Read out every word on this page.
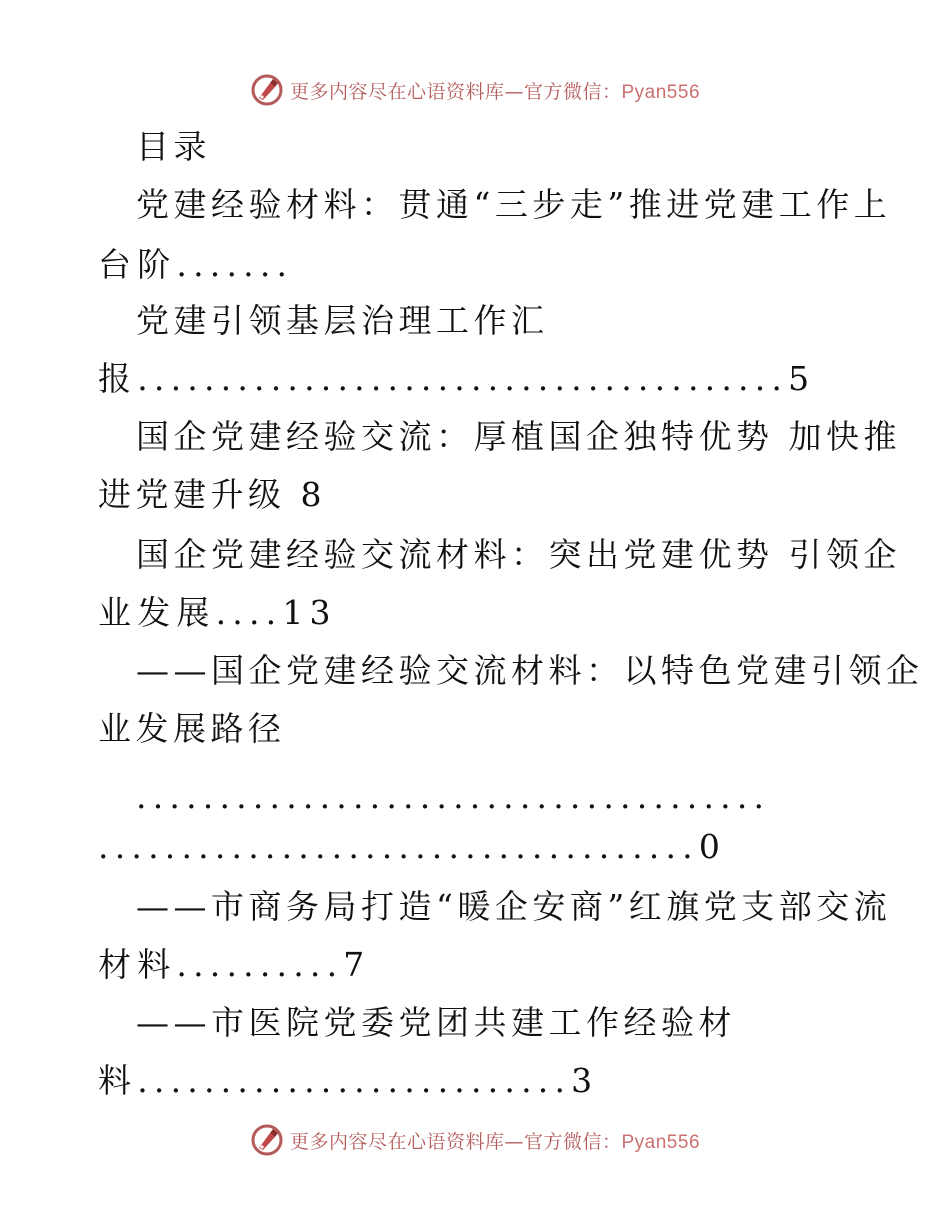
更多内容尽在心语资料库—官方微信：Pyan556
目录
党建经验材料：贯通“三步走”推进党建工作上
台阶.......
党建引领基层治理工作汇
报.......................................5
国企党建经验交流：厚植国企独特优势 加快推
进党建升级 8
国企党建经验交流材料：突出党建优势 引领企
业发展....13
——国企党建经验交流材料：以特色党建引领企
业发展路径
......................................
....................................0
——市商务局打造“暖企安商”红旗党支部交流
材料..........7
——市医院党委党团共建工作经验材
料..........................3
更多内容尽在心语资料库—官方微信：Pyan556
